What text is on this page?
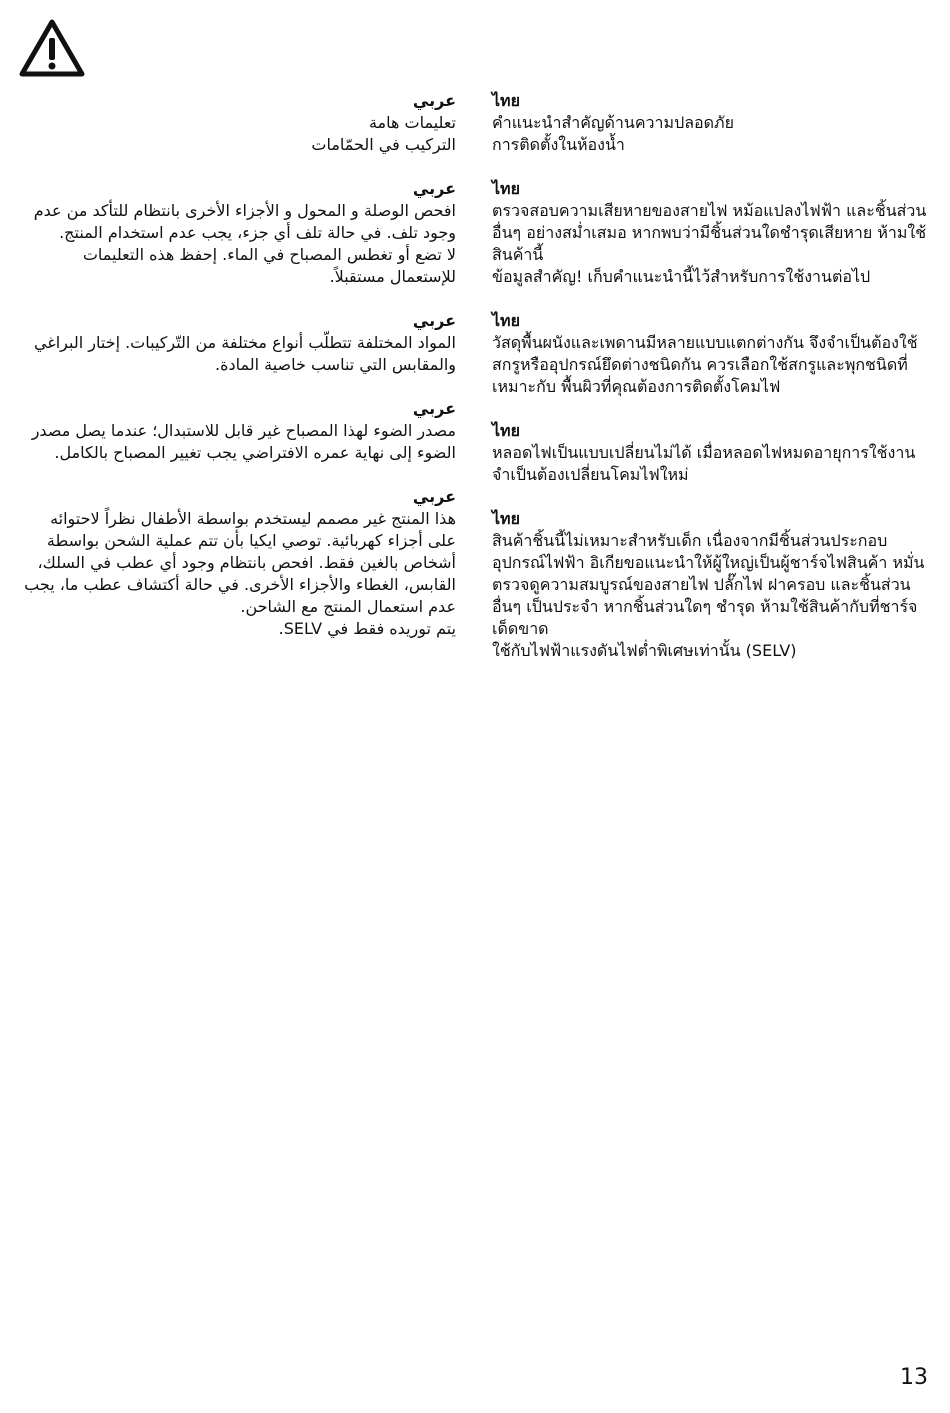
عربي
تعليمات هامة
التركيب في الحمّامات
عربي
افحص الوصلة و المحول و الأجزاء الأخرى بانتظام للتأكد من عدم وجود تلف. في حالة تلف أي جزء، يجب عدم استخدام المنتج.
لا تضع أو تغطس المصباح في الماء. إحفظ هذه التعليمات للإستعمال مستقبلاً.
عربي
المواد المختلفة تتطلّب أنواع مختلفة من التّركيبات. إختار البراغي والمقابس التي تناسب خاصية المادة.
عربي
مصدر الضوء لهذا المصباح غير قابل للاستبدال؛ عندما يصل مصدر الضوء إلى نهاية عمره الافتراضي يجب تغيير المصباح بالكامل.
عربي
هذا المنتج غير مصمم ليستخدم بواسطة الأطفال نظراً لاحتوائه على أجزاء كهربائية. توصي ايكيا بأن تتم عملية الشحن بواسطة أشخاص بالغين فقط. افحص بانتظام وجود أي عطب في السلك، القابس، الغطاء والأجزاء الأخرى. في حالة أكتشاف عطب ما، يجب عدم استعمال المنتج مع الشاحن.
يتم توريده فقط في SELV.
ไทย
คำแนะนำสำคัญด้านความปลอดภัย
การติดตั้งในห้องน้ำ
ไทย
ตรวจสอบความเสียหายของสายไฟ หม้อแปลงไฟฟ้า และชิ้นส่วนอื่นๆ อย่างสม่ำเสมอ หากพบว่ามีชิ้นส่วนใดชำรุดเสียหาย ห้ามใช้สินค้านี้
ข้อมูลสำคัญ! เก็บคำแนะนำนี้ไว้สำหรับการใช้งานต่อไป
ไทย
วัสดุพื้นผนังและเพดานมีหลายแบบแตกต่างกัน จึงจำเป็นต้องใช้สกรูหรืออุปกรณ์ยึดต่างชนิดกัน ควรเลือกใช้สกรูและพุกชนิดที่เหมาะกับ พื้นผิวที่คุณต้องการติดตั้งโคมไฟ
ไทย
หลอดไฟเป็นแบบเปลี่ยนไม่ได้ เมื่อหลอดไฟหมดอายุการใช้งาน จำเป็นต้องเปลี่ยนโคมไฟใหม่
ไทย
สินค้าชิ้นนี้ไม่เหมาะสำหรับเด็ก เนื่องจากมีชิ้นส่วนประกอบอุปกรณ์ไฟฟ้า อิเกียขอแนะนำให้ผู้ใหญ่เป็นผู้ชาร์จไฟสินค้า หมั่นตรวจดูความสมบูรณ์ของสายไฟ ปลั๊กไฟ ฝาครอบ และชิ้นส่วนอื่นๆ เป็นประจำ หากชิ้นส่วนใดๆ ชำรุด ห้ามใช้สินค้ากับที่ชาร์จเด็ดขาด
ใช้กับไฟฟ้าแรงดันไฟต่ำพิเศษเท่านั้น (SELV)
13
